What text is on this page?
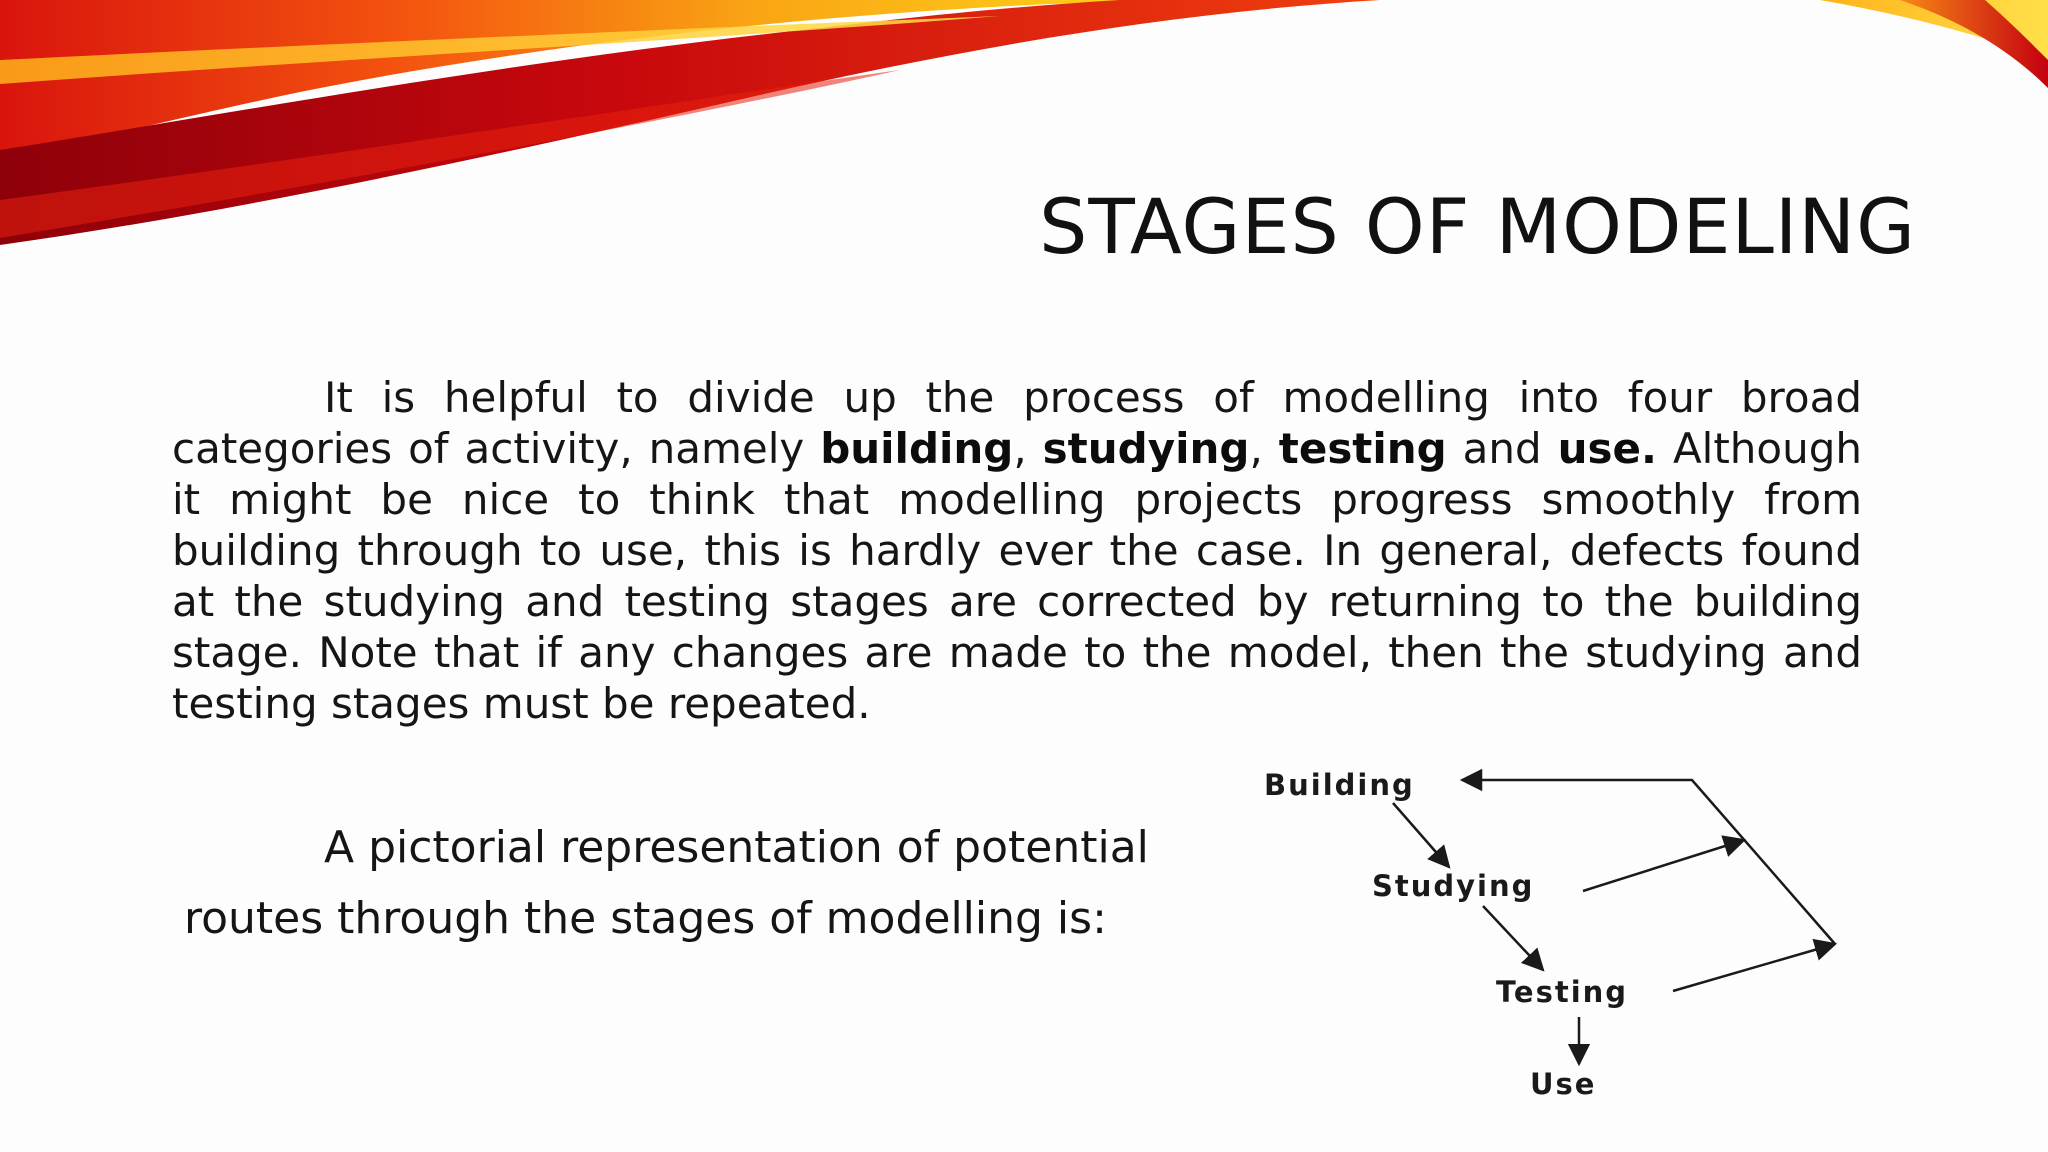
STAGES OF MODELING

It is helpful to divide up the process of modelling into four broad categories of activity, namely building, studying, testing and use. Although it might be nice to think that modelling projects progress smoothly from building through to use, this is hardly ever the case. In general, defects found at the studying and testing stages are corrected by returning to the building stage. Note that if any changes are made to the model, then the studying and testing stages must be repeated.

A pictorial representation of potential

routes through the stages of modelling is:

Building
Studying
Testing
Use
